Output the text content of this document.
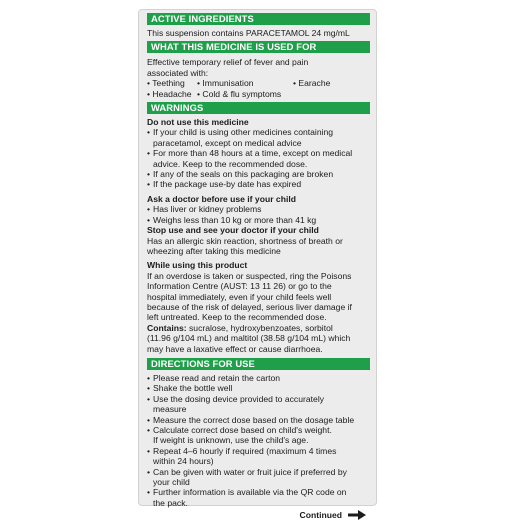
ACTIVE INGREDIENTS
This suspension contains PARACETAMOL 24 mg/mL
WHAT THIS MEDICINE IS USED FOR
Effective temporary relief of fever and pain
associated with:
• Teething	• Immunisation	• Earache
• Headache • Cold & flu symptoms
WARNINGS
Do not use this medicine
• If your child is using other medicines containing
paracetamol, except on medical advice
• For more than 48 hours at a time, except on medical
advice. Keep to the recommended dose.
• If any of the seals on this packaging are broken
• If the package use-by date has expired
Ask a doctor before use if your child
• Has liver or kidney problems
• Weighs less than 10 kg or more than 41 kg
Stop use and see your doctor if your child
Has an allergic skin reaction, shortness of breath or
wheezing after taking this medicine
While using this product
If an overdose is taken or suspected, ring the Poisons
Information Centre (AUST: 13 11 26) or go to the
hospital immediately, even if your child feels well
because of the risk of delayed, serious liver damage if
left untreated. Keep to the recommended dose.
Contains: sucralose, hydroxybenzoates, sorbitol
(11.96 g/104 mL) and maltitol (38.58 g/104 mL) which
may have a laxative effect or cause diarrhoea.
DIRECTIONS FOR USE
• Please read and retain the carton
• Shake the bottle well
• Use the dosing device provided to accurately
measure
• Measure the correct dose based on the dosage table
• Calculate correct dose based on child's weight.
If weight is unknown, use the child's age.
• Repeat 4–6 hourly if required (maximum 4 times
within 24 hours)
• Can be given with water or fruit juice if preferred by
your child
• Further information is available via the QR code on
the pack.
Continued
